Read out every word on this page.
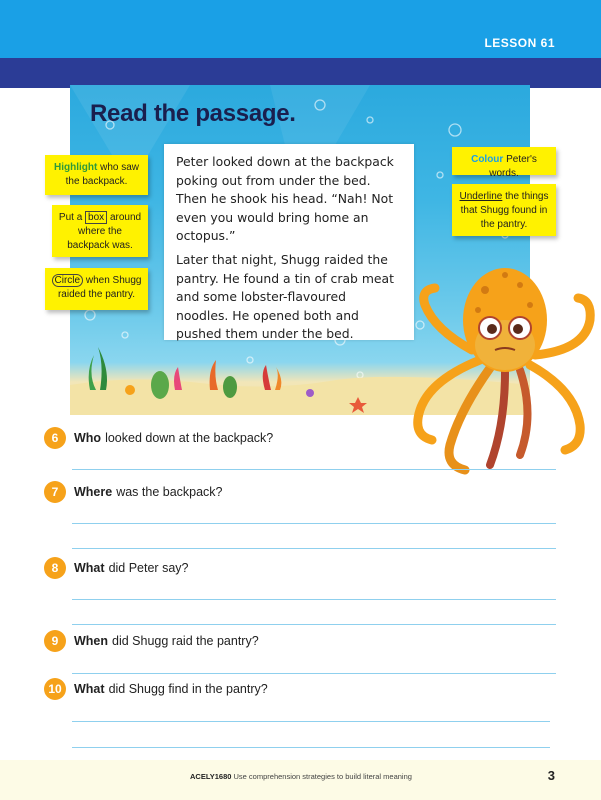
LESSON 61
Read the passage.
Highlight who saw the backpack.
Put a box around where the backpack was.
Circle when Shugg raided the pantry.
Colour Peter's words.
Underline the things that Shugg found in the pantry.

Peter looked down at the backpack poking out from under the bed. Then he shook his head. “Nah! Not even you would bring home an octopus.”

Later that night, Shugg raided the pantry. He found a tin of crab meat and some lobster-flavoured noodles. He opened both and pushed them under the bed.

6	Who looked down at the backpack?
7	Where was the backpack?
8	What did Peter say?
9	When did Shugg raid the pantry?
10 What did Shugg find in the pantry?
ACELY1680 Use comprehension strategies to build literal meaning	3
